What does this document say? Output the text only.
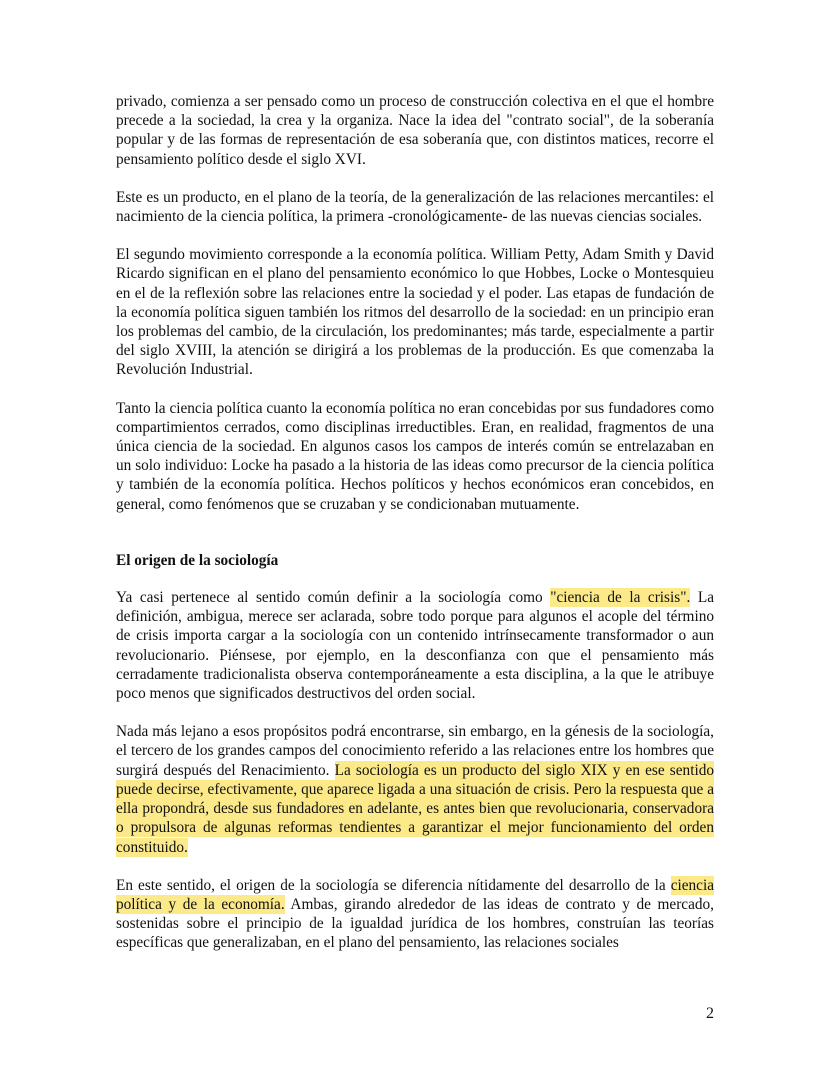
privado, comienza a ser pensado como un proceso de construcción colectiva en el que el hombre precede a la sociedad, la crea y la organiza. Nace la idea del "contrato social", de la soberanía popular y de las formas de representación de esa soberanía que, con distintos matices, recorre el pensamiento político desde el siglo XVI.

Este es un producto, en el plano de la teoría, de la generalización de las relaciones mercantiles: el nacimiento de la ciencia política, la primera -cronológicamente- de las nuevas ciencias sociales.

El segundo movimiento corresponde a la economía política. William Petty, Adam Smith y David Ricardo significan en el plano del pensamiento económico lo que Hobbes, Locke o Montesquieu en el de la reflexión sobre las relaciones entre la sociedad y el poder. Las etapas de fundación de la economía política siguen también los ritmos del desarrollo de la sociedad: en un principio eran los problemas del cambio, de la circulación, los predominantes; más tarde, especialmente a partir del siglo XVIII, la atención se dirigirá a los problemas de la producción. Es que comenzaba la Revolución Industrial.

Tanto la ciencia política cuanto la economía política no eran concebidas por sus fundadores como compartimientos cerrados, como disciplinas irreductibles. Eran, en realidad, fragmentos de una única ciencia de la sociedad. En algunos casos los campos de interés común se entrelazaban en un solo individuo: Locke ha pasado a la historia de las ideas como precursor de la ciencia política y también de la economía política. Hechos políticos y hechos económicos eran concebidos, en general, como fenómenos que se cruzaban y se condicionaban mutuamente.

El origen de la sociología

Ya casi pertenece al sentido común definir a la sociología como "ciencia de la crisis". La definición, ambigua, merece ser aclarada, sobre todo porque para algunos el acople del término de crisis importa cargar a la sociología con un contenido intrínsecamente transformador o aun revolucionario. Piénsese, por ejemplo, en la desconfianza con que el pensamiento más cerradamente tradicionalista observa contemporáneamente a esta disciplina, a la que le atribuye poco menos que significados destructivos del orden social.

Nada más lejano a esos propósitos podrá encontrarse, sin embargo, en la génesis de la sociología, el tercero de los grandes campos del conocimiento referido a las relaciones entre los hombres que surgirá después del Renacimiento. La sociología es un producto del siglo XIX y en ese sentido puede decirse, efectivamente, que aparece ligada a una situación de crisis. Pero la respuesta que a ella propondrá, desde sus fundadores en adelante, es antes bien que revolucionaria, conservadora o propulsora de algunas reformas tendientes a garantizar el mejor funcionamiento del orden constituido.

En este sentido, el origen de la sociología se diferencia nítidamente del desarrollo de la ciencia política y de la economía. Ambas, girando alrededor de las ideas de contrato y de mercado, sostenidas sobre el principio de la igualdad jurídica de los hombres, construían las teorías específicas que generalizaban, en el plano del pensamiento, las relaciones sociales

2
